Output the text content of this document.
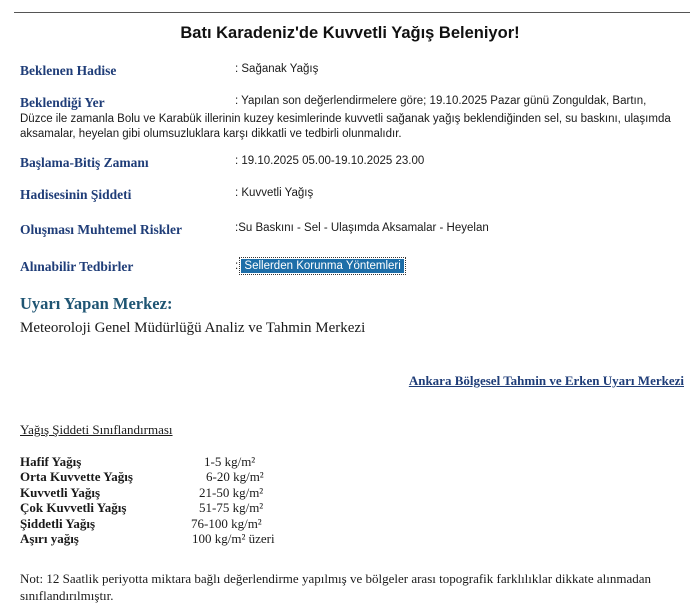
Batı Karadeniz'de Kuvvetli Yağış Beleniyor!
Beklenen Hadise	: Sağanak Yağış
Beklendiği Yer	: Yapılan son değerlendirmelere göre; 19.10.2025 Pazar günü Zonguldak, Bartın,
Düzce ile zamanla Bolu ve Karabük illerinin kuzey kesimlerinde kuvvetli sağanak yağış beklendiğinden sel, su baskını, ulaşımda aksamalar, heyelan gibi olumsuzluklara karşı dikkatli ve tedbirli olunmalıdır.
Başlama-Bitiş Zamanı	: 19.10.2025 05.00-19.10.2025 23.00
Hadisesinin Şiddeti	: Kuvvetli Yağış
Oluşması Muhtemel Riskler	:Su Baskını - Sel - Ulaşımda Aksamalar - Heyelan
Alınabilir Tedbirler	: Sellerden Korunma Yöntemleri
Uyarı Yapan Merkez:
Meteoroloji Genel Müdürlüğü Analiz ve Tahmin Merkezi
Ankara Bölgesel Tahmin ve Erken Uyarı Merkezi
Yağış Şiddeti Sınıflandırması
Hafif Yağış	1-5 kg/m²
Orta Kuvvette Yağış	6-20 kg/m²
Kuvvetli Yağış	21-50 kg/m²
Çok Kuvvetli Yağış	51-75 kg/m²
Şiddetli Yağış	76-100 kg/m²
Aşırı yağış	100 kg/m² üzeri
Not: 12 Saatlik periyotta miktara bağlı değerlendirme yapılmış ve bölgeler arası topografik farklılıklar dikkate alınmadan sınıflandırılmıştır.
